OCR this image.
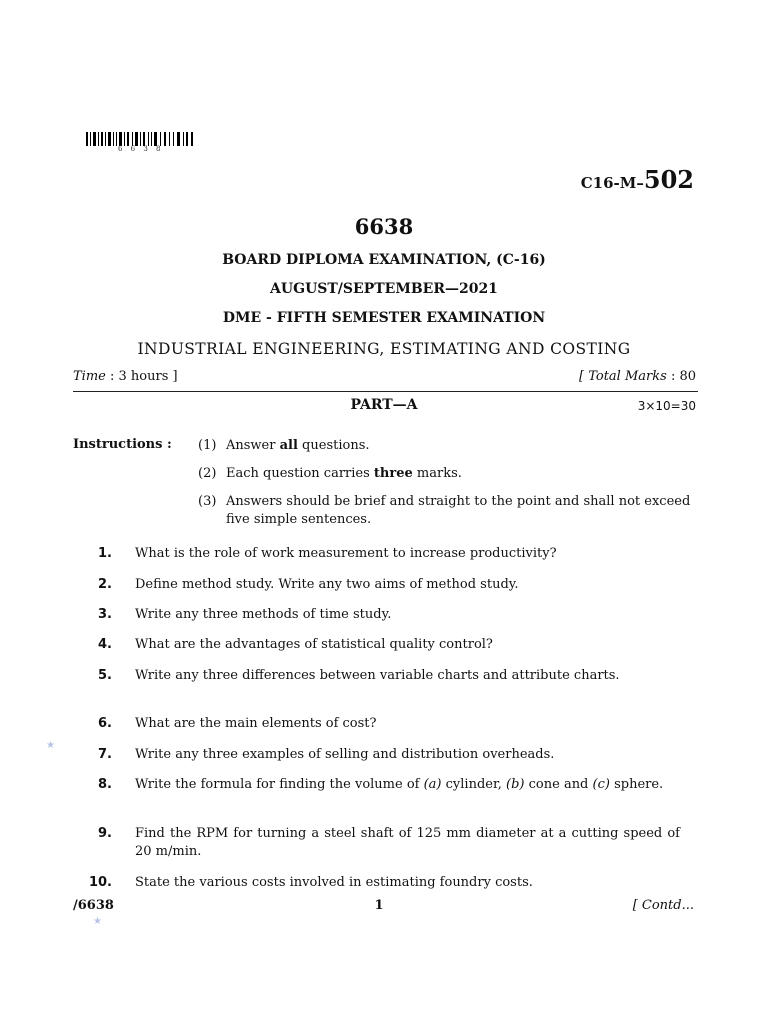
6 6 3 8
C16-M–502
6638
BOARD DIPLOMA EXAMINATION, (C-16)
AUGUST/SEPTEMBER—2021
DME - FIFTH SEMESTER EXAMINATION
INDUSTRIAL ENGINEERING, ESTIMATING AND COSTING
Time : 3 hours ]	[ Total Marks : 80
PART—A	3×10=30
Instructions : (1) Answer all questions.
(2) Each question carries three marks.
(3) Answers should be brief and straight to the point and shall not exceed five simple sentences.
1. What is the role of work measurement to increase productivity?
2. Define method study. Write any two aims of method study.
3. Write any three methods of time study.
4. What are the advantages of statistical quality control?
5. Write any three differences between variable charts and attribute charts.
6. What are the main elements of cost?
7. Write any three examples of selling and distribution overheads.
8. Write the formula for finding the volume of (a) cylinder, (b) cone and (c) sphere.
9. Find the RPM for turning a steel shaft of 125 mm diameter at a cutting speed of 20 m/min.
10. State the various costs involved in estimating foundry costs.
/6638	1	[ Contd...
★
★
